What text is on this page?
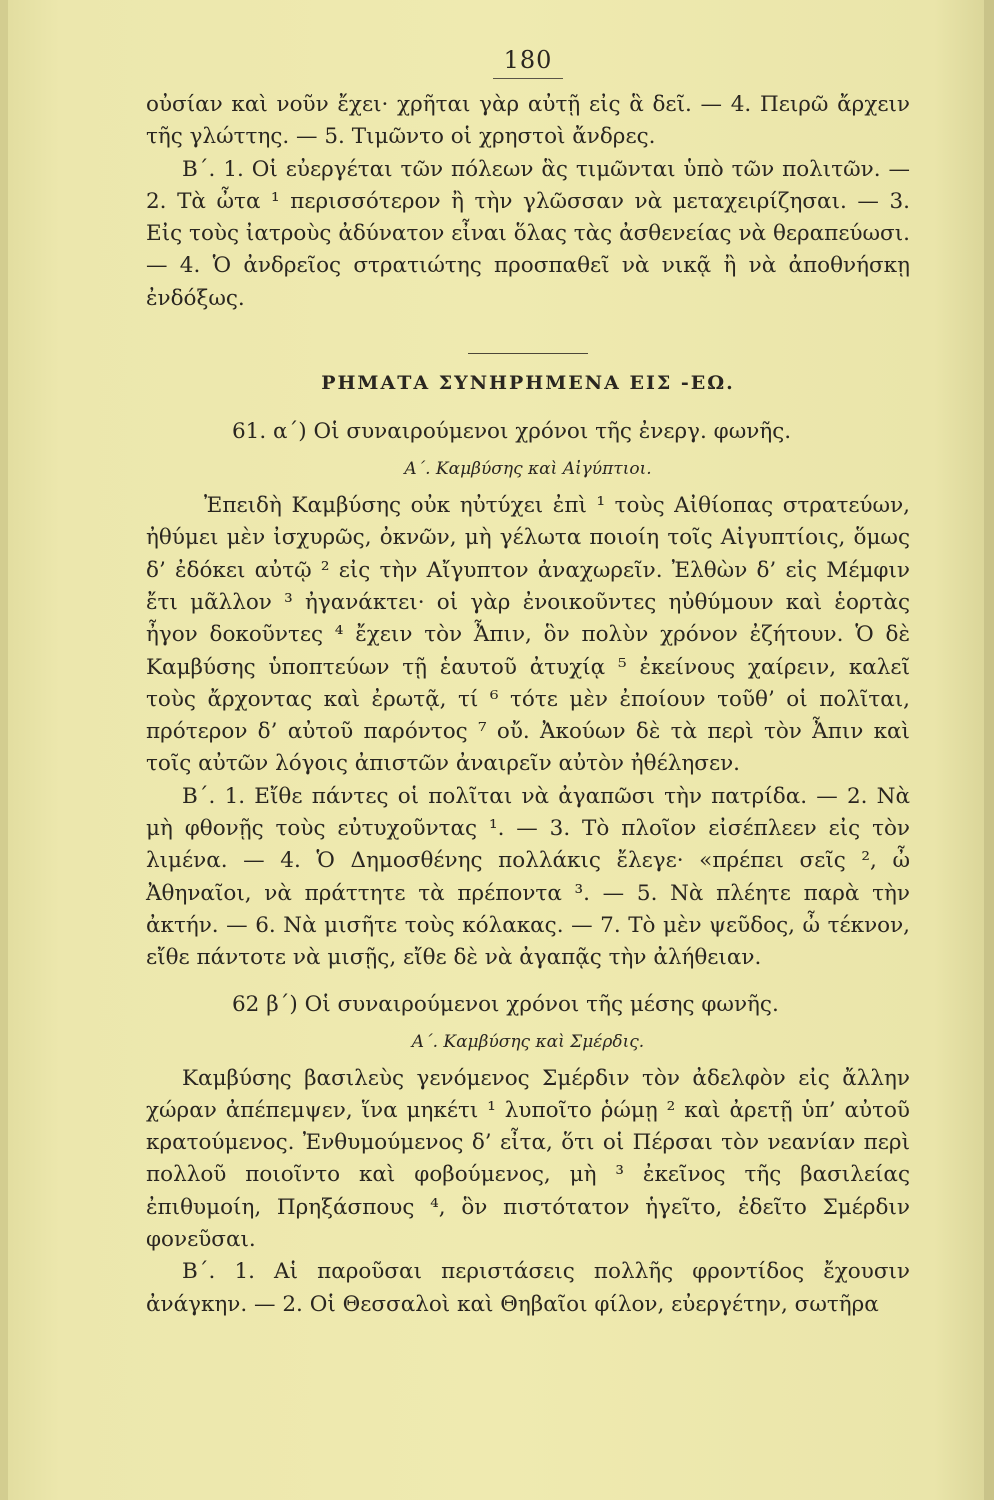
180

οὐσίαν καὶ νοῦν ἔχει· χρῆται γὰρ αὐτῇ εἰς ἃ δεῖ. — 4. Πειρῶ ἄρχειν τῆς γλώττης. — 5. Τιμῶντο οἱ χρηστοὶ ἄνδρες.

Β΄. 1. Οἱ εὐεργέται τῶν πόλεων ἃς τιμῶνται ὑπὸ τῶν πολιτῶν. — 2. Τὰ ὦτα ¹ περισσότερον ἢ τὴν γλῶσσαν νὰ μεταχειρίζησαι. — 3. Εἰς τοὺς ἰατροὺς ἀδύνατον εἶναι ὅλας τὰς ἀσθενείας νὰ θεραπεύωσι. — 4. Ὁ ἀνδρεῖος στρατιώτης προσπαθεῖ νὰ νικᾷ ἢ νὰ ἀποθνήσκῃ ἐνδόξως.

ΡΗΜΑΤΑ ΣΥΝΗΡΗΜΕΝΑ ΕΙΣ -ΕΩ.
61. α΄) Οἱ συναιρούμενοι χρόνοι τῆς ἐνεργ. φωνῆς.
Α΄. Καμβύσης καὶ Αἰγύπτιοι.

Ἐπειδὴ Καμβύσης οὐκ ηὐτύχει ἐπὶ ¹ τοὺς Αἰθίοπας στρατεύων, ἠθύμει μὲν ἰσχυρῶς, ὀκνῶν, μὴ γέλωτα ποιοίη τοῖς Αἰγυπτίοις, ὅμως δ’ ἐδόκει αὐτῷ ² εἰς τὴν Αἴγυπτον ἀναχωρεῖν. Ἐλθὼν δ’ εἰς Μέμφιν ἔτι μᾶλλον ³ ἠγανάκτει· οἱ γὰρ ἐνοικοῦντες ηὐθύμουν καὶ ἑορτὰς ἦγον δοκοῦντες ⁴ ἔχειν τὸν Ἆπιν, ὃν πολὺν χρόνον ἐζήτουν. Ὁ δὲ Καμβύσης ὑποπτεύων τῇ ἑαυτοῦ ἀτυχίᾳ ⁵ ἐκείνους χαίρειν, καλεῖ τοὺς ἄρχοντας καὶ ἐρωτᾷ, τί ⁶ τότε μὲν ἐποίουν τοῦθ’ οἱ πολῖται, πρότερον δ’ αὐτοῦ παρόντος ⁷ οὔ. Ἀκούων δὲ τὰ περὶ τὸν Ἆπιν καὶ τοῖς αὐτῶν λόγοις ἀπιστῶν ἀναιρεῖν αὐτὸν ἠθέλησεν.

Β΄. 1. Εἴθε πάντες οἱ πολῖται νὰ ἀγαπῶσι τὴν πατρίδα. — 2. Νὰ μὴ φθονῇς τοὺς εὐτυχοῦντας ¹. — 3. Τὸ πλοῖον εἰσέπλεεν εἰς τὸν λιμένα. — 4. Ὁ Δημοσθένης πολλάκις ἔλεγε· «πρέπει σεῖς ², ὦ Ἀθηναῖοι, νὰ πράττητε τὰ πρέποντα ³. — 5. Νὰ πλέητε παρὰ τὴν ἀκτήν. — 6. Νὰ μισῆτε τοὺς κόλακας. — 7. Τὸ μὲν ψεῦδος, ὦ τέκνον, εἴθε πάντοτε νὰ μισῇς, εἴθε δὲ νὰ ἀγαπᾷς τὴν ἀλήθειαν.

62 β΄) Οἱ συναιρούμενοι χρόνοι τῆς μέσης φωνῆς.
Α΄. Καμβύσης καὶ Σμέρδις.

Καμβύσης βασιλεὺς γενόμενος Σμέρδιν τὸν ἀδελφὸν εἰς ἄλλην χώραν ἀπέπεμψεν, ἵνα μηκέτι ¹ λυποῖτο ῥώμῃ ² καὶ ἀρετῇ ὑπ’ αὐτοῦ κρατούμενος. Ἐνθυμούμενος δ’ εἶτα, ὅτι οἱ Πέρσαι τὸν νεανίαν περὶ πολλοῦ ποιοῖντο καὶ φοβούμενος, μὴ ³ ἐκεῖνος τῆς βασιλείας ἐπιθυμοίη, Πρηξάσπους ⁴, ὃν πιστότατον ἡγεῖτο, ἐδεῖτο Σμέρδιν φονεῦσαι.

Β΄. 1. Αἱ παροῦσαι περιστάσεις πολλῆς φροντίδος ἔχουσιν ἀνάγκην. — 2. Οἱ Θεσσαλοὶ καὶ Θηβαῖοι φίλον, εὐεργέτην, σωτῆρα
